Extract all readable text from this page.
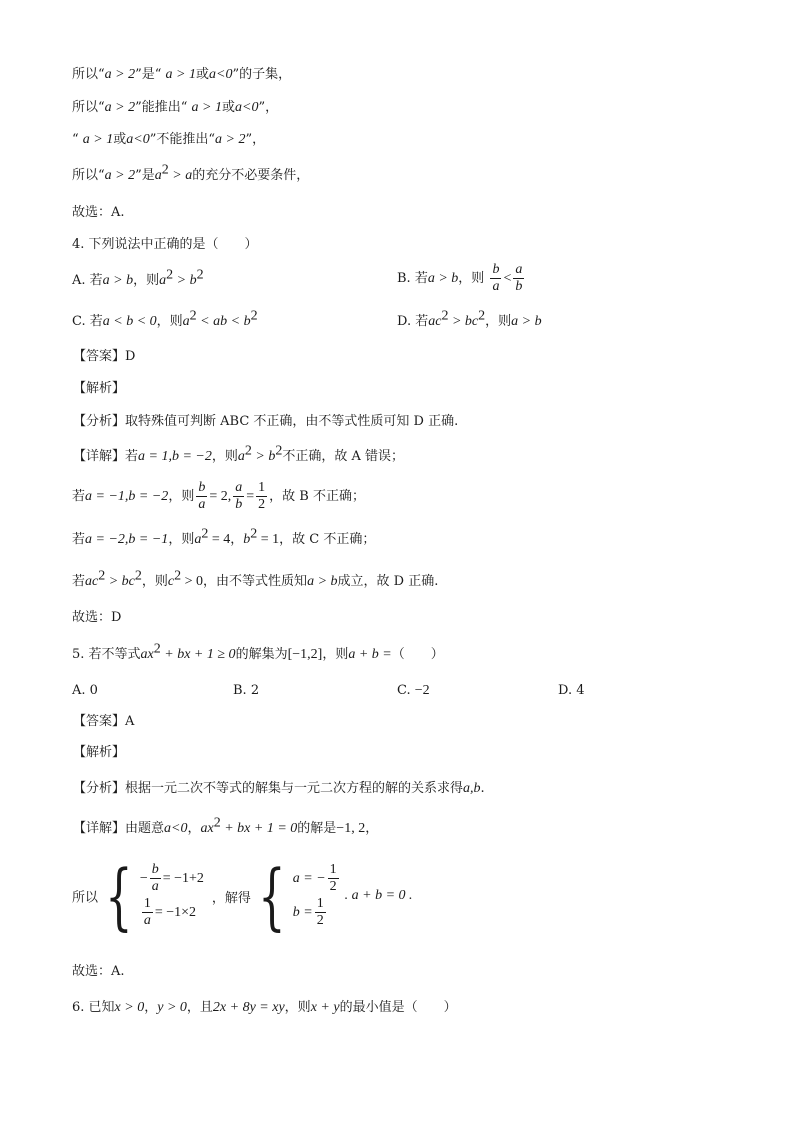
所以“a > 2”是“ a > 1或a<0”的子集，
所以“a > 2”能推出“ a > 1或a<0”，
“ a > 1或a<0”不能推出“a > 2”，
所以“a > 2”是$a^2 > a$的充分不必要条件，
故选：A.
4. 下列说法中正确的是（　　）
A. 若a > b，则$a^2 > b^2$	B. 若a > b，则 $\frac{b}{a} < \frac{a}{b}$
C. 若a < b < 0，则$a^2$ < ab < $b^2$	D. 若$ac^2 > bc^2$，则a > b
【答案】D
【解析】
【分析】取特殊值可判断 ABC 不正确，由不等式性质可知 D 正确.
【详解】若a = 1,b = −2，则$a^2 > b^2$不正确，故 A 错误；
若a = −1,b = −2，则 $\frac{b}{a} = 2$, $\frac{a}{b} = \frac{1}{2}$ ，故 B 不正确；
若a = −2,b = −1，则$a^2 = 4$，$b^2 = 1$，故 C 不正确；
若$ac^2 > bc^2$，则$c^2 > 0$，由不等式性质知a > b成立，故 D 正确.
故选：D
5. 若不等式$ax^2$ + bx + 1 ≥ 0的解集为[−1,2]，则a + b =（　　）
A. 0	B. 2	C. −2	D. 4
【答案】A
【解析】
【分析】根据一元二次不等式的解集与一元二次方程的解的关系求得a,b.
【详解】由题意a<0，$ax^2$ + bx + 1 = 0的解是−1, 2，
所以{ − $\frac{b}{a} = -1+2$
$\frac{1}{a} = -1\times 2$
，解得{ a = − $\frac{1}{2}$
$b = \frac{1}{2}$
. a + b = 0 .
故选：A.
6. 已知x > 0，y > 0，且2x + 8y = xy，则x + y的最小值是（　　）
